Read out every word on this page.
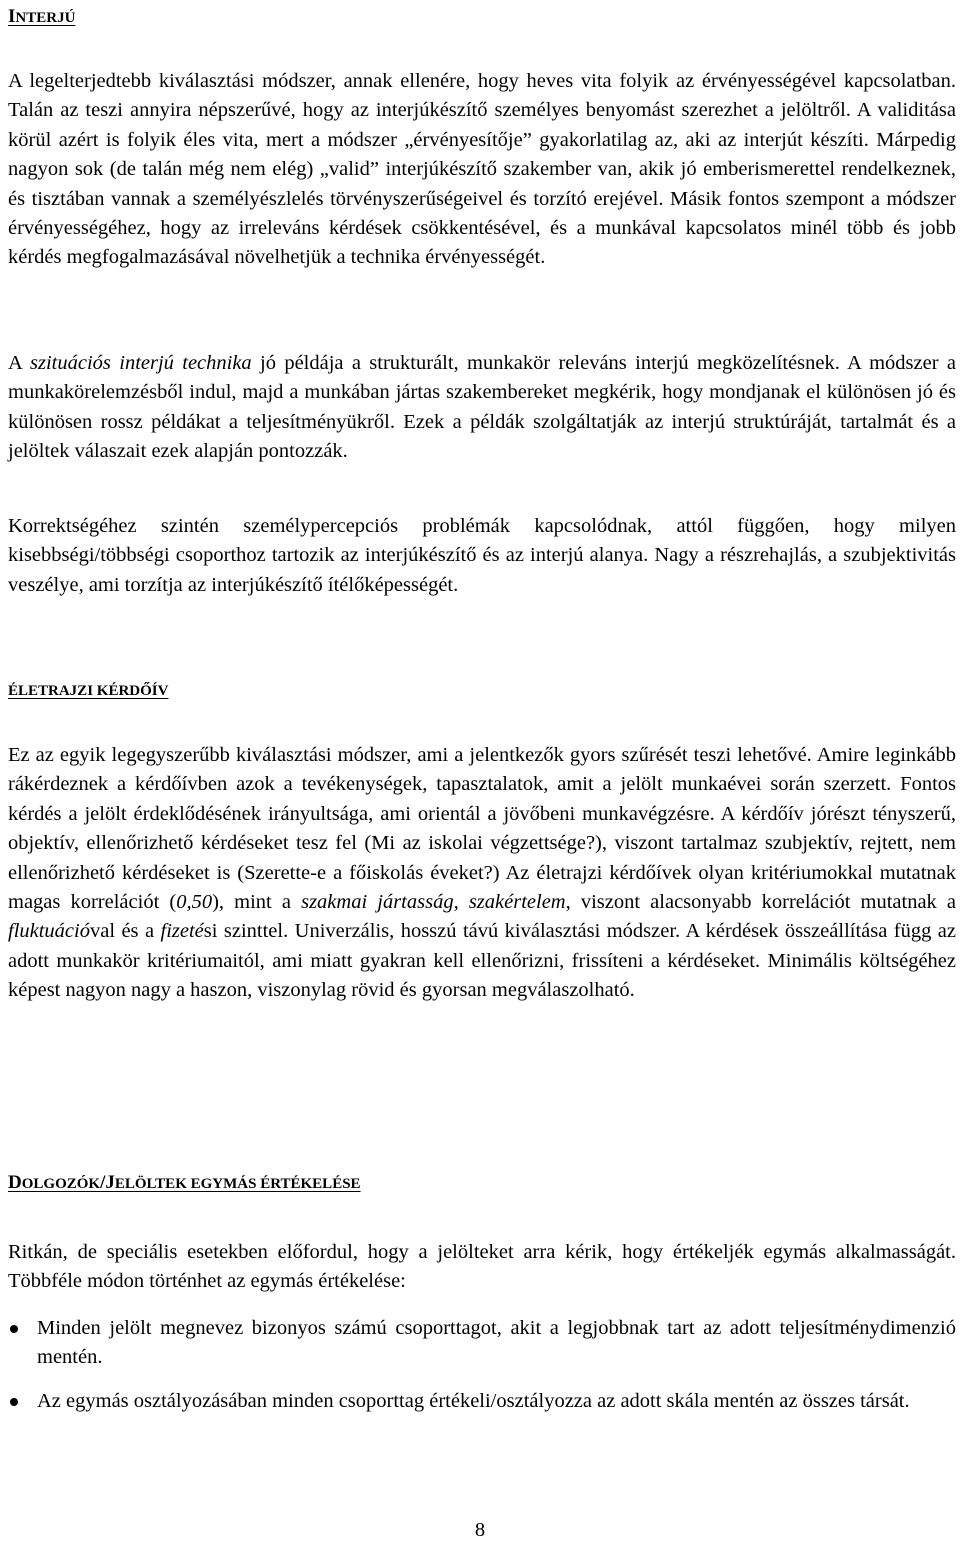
INTERJÚ

A legelterjedtebb kiválasztási módszer, annak ellenére, hogy heves vita folyik az érvényességével kapcsolatban. Talán az teszi annyira népszerűvé, hogy az interjúkészítő személyes benyomást szerezhet a jelöltről. A validitása körül azért is folyik éles vita, mert a módszer „érvényesítője” gyakorlatilag az, aki az interjút készíti. Márpedig nagyon sok (de talán még nem elég) „valid” interjúkészítő szakember van, akik jó emberismerettel rendelkeznek, és tisztában vannak a személyészlelés törvényszerűségeivel és torzító erejével. Másik fontos szempont a módszer érvényességéhez, hogy az irreleváns kérdések csökkentésével, és a munkával kapcsolatos minél több és jobb kérdés megfogalmazásával növelhetjük a technika érvényességét.

A szituációs interjú technika jó példája a strukturált, munkakör releváns interjú megközelítésnek. A módszer a munkakörelemzésből indul, majd a munkában jártas szakembereket megkérik, hogy mondjanak el különösen jó és különösen rossz példákat a teljesítményükről. Ezek a példák szolgáltatják az interjú struktúráját, tartalmát és a jelöltek válaszait ezek alapján pontozzák.

Korrektségéhez szintén személypercepciós problémák kapcsolódnak, attól függően, hogy milyen kisebbségi/többségi csoporthoz tartozik az interjúkészítő és az interjú alanya. Nagy a részrehajlás, a szubjektivitás veszélye, ami torzítja az interjúkészítő ítélőképességét.

ÉLETRAJZI KÉRDŐÍV

Ez az egyik legegyszerűbb kiválasztási módszer, ami a jelentkezők gyors szűrését teszi lehetővé. Amire leginkább rákérdeznek a kérdőívben azok a tevékenységek, tapasztalatok, amit a jelölt munkaévei során szerzett. Fontos kérdés a jelölt érdeklődésének irányultsága, ami orientál a jövőbeni munkavégzésre. A kérdőív jórészt tényszerű, objektív, ellenőrizhető kérdéseket tesz fel (Mi az iskolai végzettsége?), viszont tartalmaz szubjektív, rejtett, nem ellenőrizhető kérdéseket is (Szerette-e a főiskolás éveket?) Az életrajzi kérdőívek olyan kritériumokkal mutatnak magas korrelációt (0,50), mint a szakmai jártasság, szakértelem, viszont alacsonyabb korrelációt mutatnak a fluktuációval és a fizetési szinttel. Univerzális, hosszú távú kiválasztási módszer. A kérdések összeállítása függ az adott munkakör kritériumaitól, ami miatt gyakran kell ellenőrizni, frissíteni a kérdéseket. Minimális költségéhez képest nagyon nagy a haszon, viszonylag rövid és gyorsan megválaszolható.

DOLGOZÓK/JELÖLTEK EGYMÁS ÉRTÉKELÉSE

Ritkán, de speciális esetekben előfordul, hogy a jelölteket arra kérik, hogy értékeljék egymás alkalmasságát. Többféle módon történhet az egymás értékelése:

Minden jelölt megnevez bizonyos számú csoporttagot, akit a legjobbnak tart az adott teljesítménydimenzió mentén.
Az egymás osztályozásában minden csoporttag értékeli/osztályozza az adott skála mentén az összes társát.
8
